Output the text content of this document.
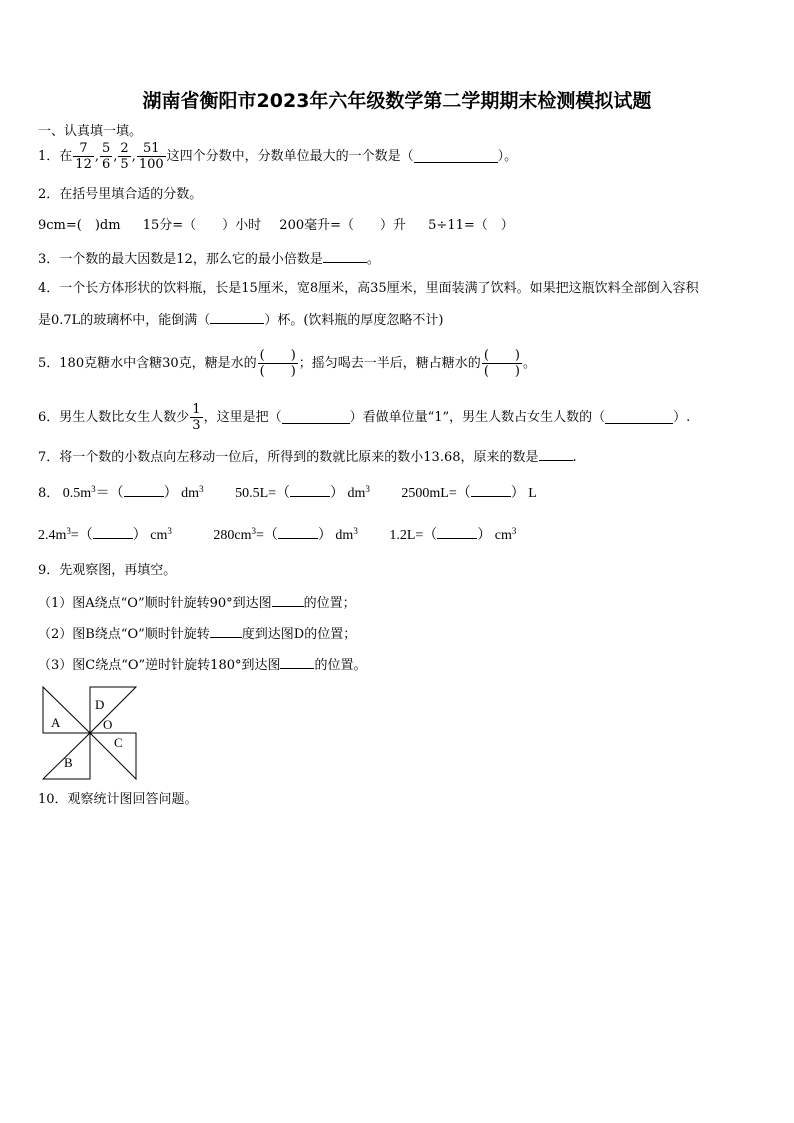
湖南省衡阳市2023年六年级数学第二学期期末检测模拟试题
一、认真填一填。
1． 在 $\frac{7}{12}$ , $\frac{5}{6}$ , $\frac{2}{5}$ , $\frac{51}{100}$ 这四个分数中，分数单位最大的一个数是（	）。
2．在括号里填合适的分数。
9cm=(　)dm 15分=（　　）小时 200毫升=（　　）升 5÷11=（　）
3．一个数的最大因数是12，那么它的最小倍数是	。
4．一个长方体形状的饮料瓶，长是15厘米，宽8厘米，高35厘米，里面装满了饮料。如果把这瓶饮料全部倒入容积
是0.7L的玻璃杯中，能倒满（	）杯。(饮料瓶的厚度忽略不计)
5． 180克糖水中含糖30克，糖是水的 $\frac{( )}{( )}$ ；摇匀喝去一半后，糖占糖水的 $\frac{( )}{( )}$ 。
6． 男生人数比女生人数少 $\frac{1}{3}$ ，这里是把（	）看做单位量“1”，男生人数占女生人数的（	）.
7．将一个数的小数点向左移动一位后，所得到的数就比原来的数小13.68，原来的数是	.
8． $0.5m^3=$（	） $dm^3$ 50.5L=（	） $dm^3$ 2500mL=（	） L
$2.4m^3=$（	） $cm^3$	$280cm^3=$（	） $dm^3$ 1.2L=（	） $cm^3$
9．先观察图，再填空。
（1）图A绕点“O”顺时针旋转90°到达图 的位置；
（2）图B绕点“O”顺时针旋转 度到达图D的位置；
（3）图C绕点“O”逆时针旋转180°到达图	的位置。
A
D
O
C
B
10．观察统计图回答问题。
